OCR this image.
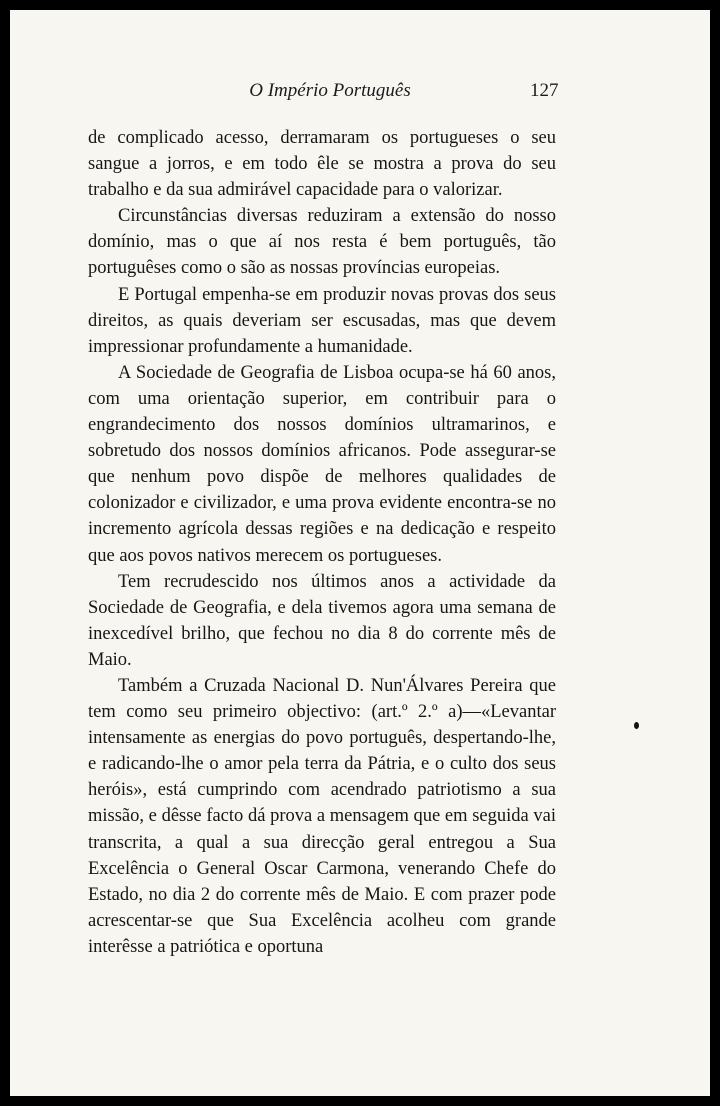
O Império Português	127

de complicado acesso, derramaram os portugueses o seu sangue a jorros, e em todo êle se mostra a prova do seu trabalho e da sua admirável capacidade para o valorizar.

Circunstâncias diversas reduziram a extensão do nosso domínio, mas o que aí nos resta é bem português, tão portuguêses como o são as nossas províncias europeias.

E Portugal empenha-se em produzir novas provas dos seus direitos, as quais deveriam ser escusadas, mas que devem impressionar profundamente a humanidade.

A Sociedade de Geografia de Lisboa ocupa-se há 60 anos, com uma orientação superior, em contribuir para o engrandecimento dos nossos domínios ultramarinos, e sobretudo dos nossos domínios africanos. Pode assegurar-se que nenhum povo dispõe de melhores qualidades de colonizador e civilizador, e uma prova evidente encontra-se no incremento agrícola dessas regiões e na dedicação e respeito que aos povos nativos merecem os portugueses.

Tem recrudescido nos últimos anos a actividade da Sociedade de Geografia, e dela tivemos agora uma semana de inexcedível brilho, que fechou no dia 8 do corrente mês de Maio.

Também a Cruzada Nacional D. Nun'Álvares Pereira que tem como seu primeiro objectivo: (art.º 2.º a)—«Levantar intensamente as energias do povo português, despertando-lhe, e radicando-lhe o amor pela terra da Pátria, e o culto dos seus heróis», está cumprindo com acendrado patriotismo a sua missão, e dêsse facto dá prova a mensagem que em seguida vai transcrita, a qual a sua direcção geral entregou a Sua Excelência o General Oscar Carmona, venerando Chefe do Estado, no dia 2 do corrente mês de Maio. E com prazer pode acrescentar-se que Sua Excelência acolheu com grande interêsse a patriótica e oportuna
